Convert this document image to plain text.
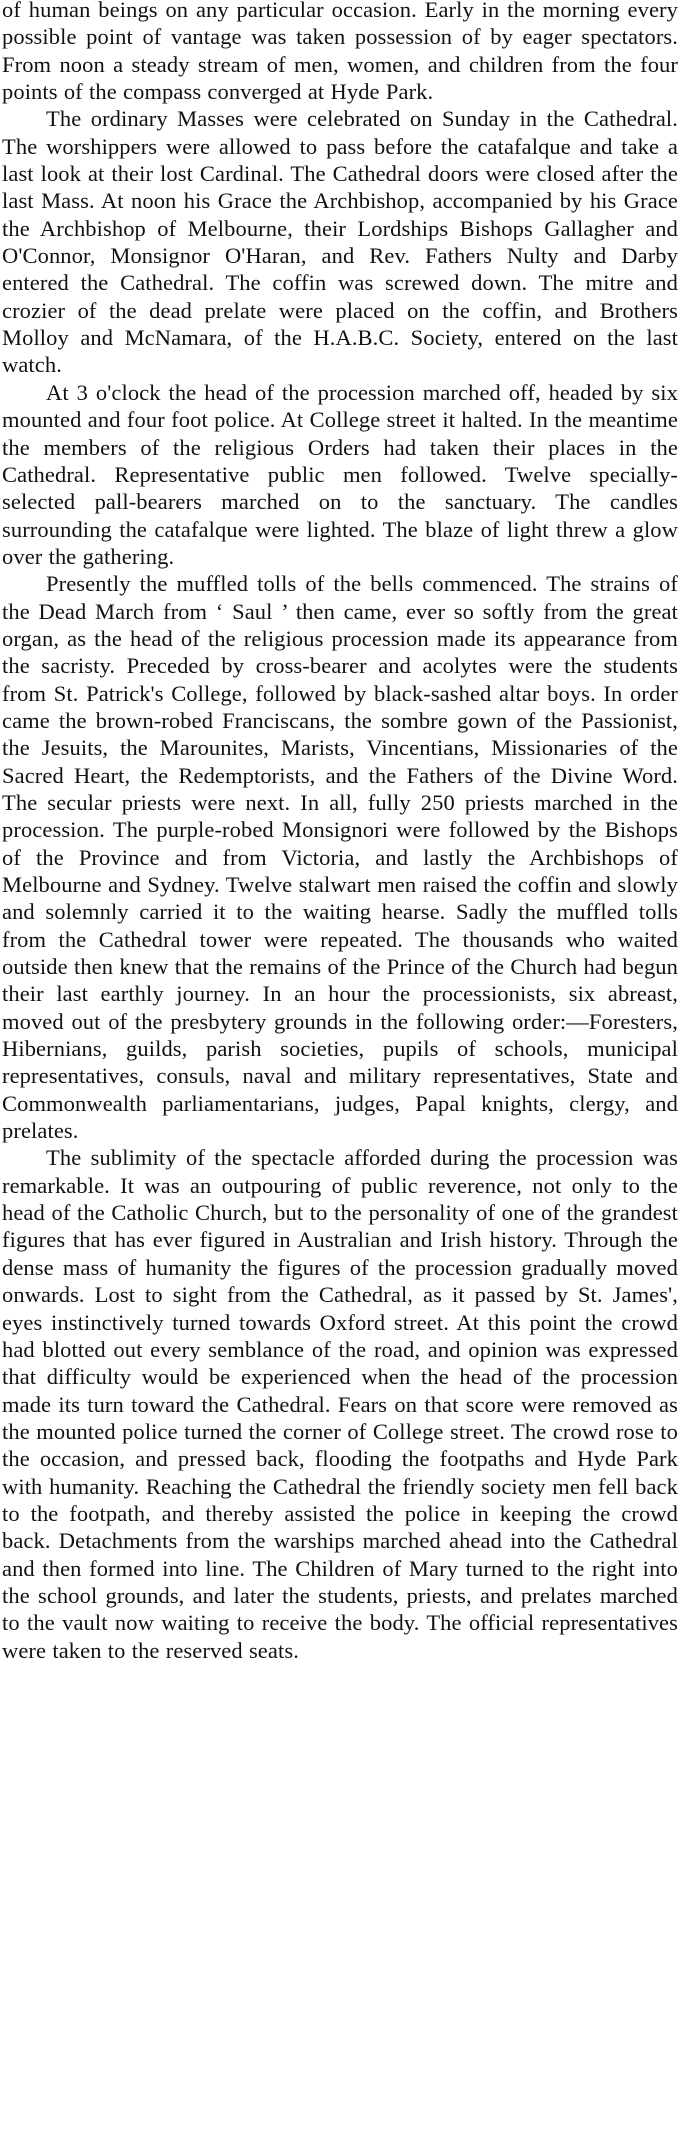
of human beings on any particular occasion. Early in the morning every possible point of vantage was taken possession of by eager spectators. From noon a steady stream of men, women, and children from the four points of the compass converged at Hyde Park.

The ordinary Masses were celebrated on Sunday in the Cathedral. The worshippers were allowed to pass before the catafalque and take a last look at their lost Cardinal. The Cathedral doors were closed after the last Mass. At noon his Grace the Archbishop, accompanied by his Grace the Archbishop of Melbourne, their Lordships Bishops Gallagher and O'Connor, Monsignor O'Haran, and Rev. Fathers Nulty and Darby entered the Cathedral. The coffin was screwed down. The mitre and crozier of the dead prelate were placed on the coffin, and Brothers Molloy and McNamara, of the H.A.B.C. Society, entered on the last watch.

At 3 o'clock the head of the procession marched off, headed by six mounted and four foot police. At College street it halted. In the meantime the members of the religious Orders had taken their places in the Cathedral. Representative public men followed. Twelve specially-selected pall-bearers marched on to the sanctuary. The candles surrounding the catafalque were lighted. The blaze of light threw a glow over the gathering.

Presently the muffled tolls of the bells commenced. The strains of the Dead March from ‘ Saul ’ then came, ever so softly from the great organ, as the head of the religious procession made its appearance from the sacristy. Preceded by cross-bearer and acolytes were the students from St. Patrick's College, followed by black-sashed altar boys. In order came the brown-robed Franciscans, the sombre gown of the Passionist, the Jesuits, the Marounites, Marists, Vincentians, Missionaries of the Sacred Heart, the Redemptorists, and the Fathers of the Divine Word. The secular priests were next. In all, fully 250 priests marched in the procession. The purple-robed Monsignori were followed by the Bishops of the Province and from Victoria, and lastly the Archbishops of Melbourne and Sydney. Twelve stalwart men raised the coffin and slowly and solemnly carried it to the waiting hearse. Sadly the muffled tolls from the Cathedral tower were repeated. The thousands who waited outside then knew that the remains of the Prince of the Church had begun their last earthly journey. In an hour the processionists, six abreast, moved out of the presbytery grounds in the following order:—Foresters, Hibernians, guilds, parish societies, pupils of schools, municipal representatives, consuls, naval and military representatives, State and Commonwealth parliamentarians, judges, Papal knights, clergy, and prelates.

The sublimity of the spectacle afforded during the procession was remarkable. It was an outpouring of public reverence, not only to the head of the Catholic Church, but to the personality of one of the grandest figures that has ever figured in Australian and Irish history. Through the dense mass of humanity the figures of the procession gradually moved onwards. Lost to sight from the Cathedral, as it passed by St. James', eyes instinctively turned towards Oxford street. At this point the crowd had blotted out every semblance of the road, and opinion was expressed that difficulty would be experienced when the head of the procession made its turn toward the Cathedral. Fears on that score were removed as the mounted police turned the corner of College street. The crowd rose to the occasion, and pressed back, flooding the footpaths and Hyde Park with humanity. Reaching the Cathedral the friendly society men fell back to the footpath, and thereby assisted the police in keeping the crowd back. Detachments from the warships marched ahead into the Cathedral and then formed into line. The Children of Mary turned to the right into the school grounds, and later the students, priests, and prelates marched to the vault now waiting to receive the body. The official representatives were taken to the reserved seats.
